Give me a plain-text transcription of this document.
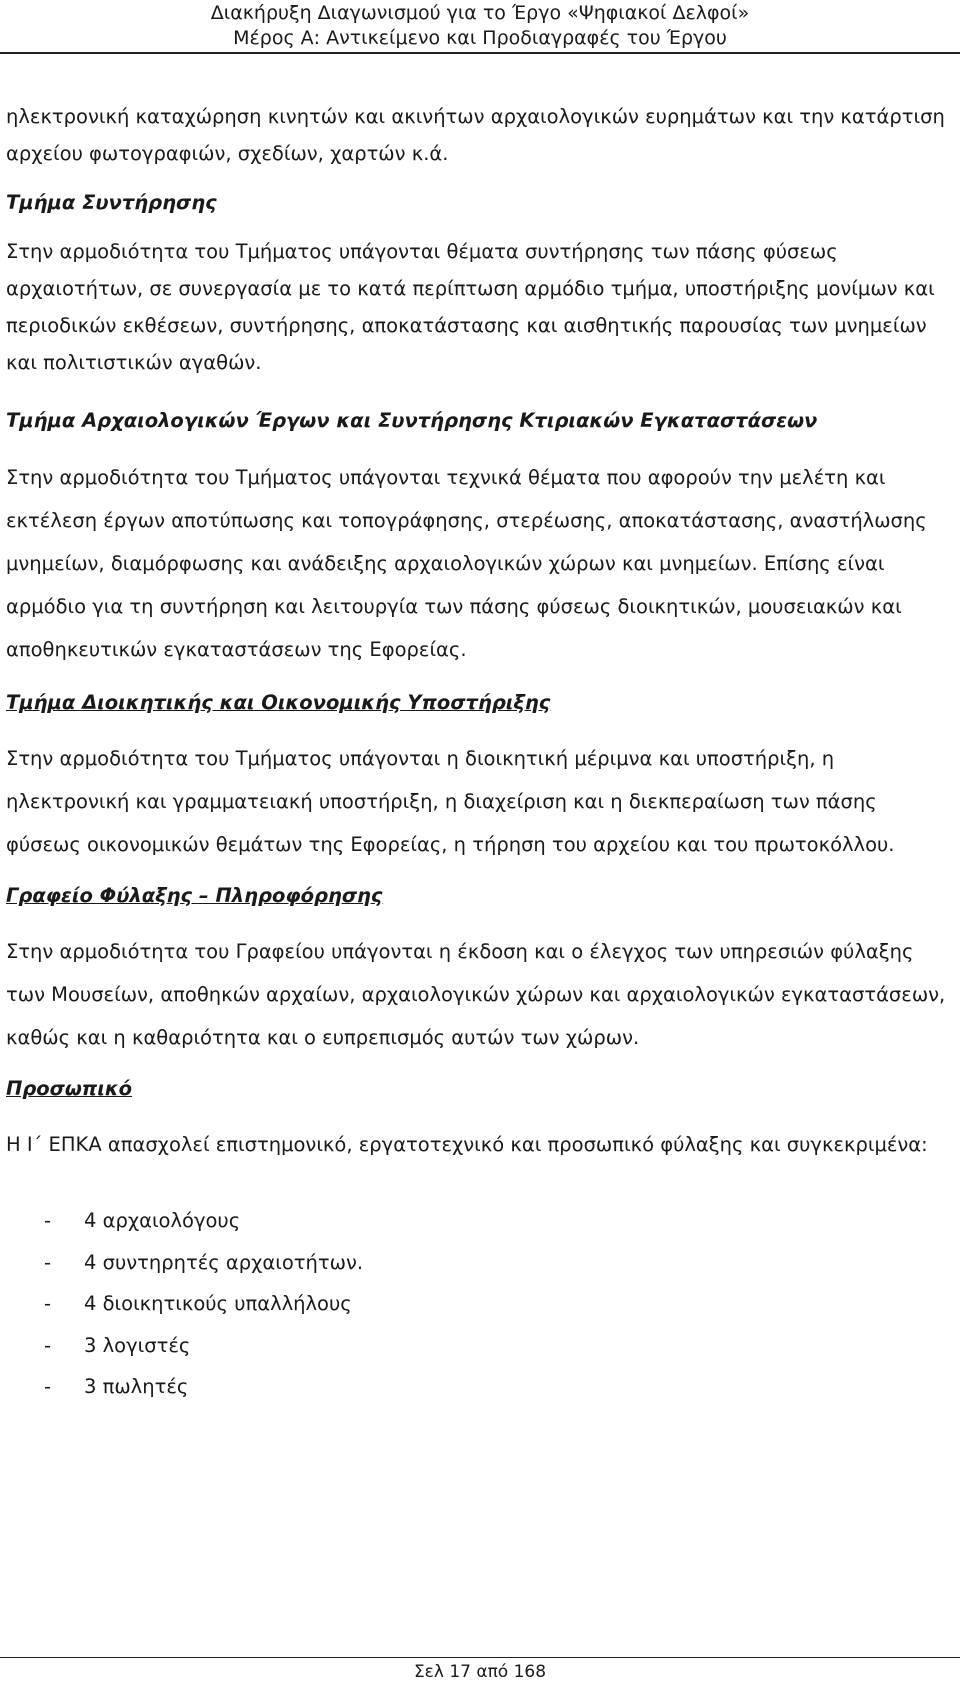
Διακήρυξη Διαγωνισμού για το Έργο «Ψηφιακοί Δελφοί»
Μέρος Α: Αντικείμενο και Προδιαγραφές του Έργου

ηλεκτρονική καταχώρηση κινητών και ακινήτων αρχαιολογικών ευρημάτων και την κατάρτιση αρχείου φωτογραφιών, σχεδίων, χαρτών κ.ά.

Τμήμα Συντήρησης

Στην αρμοδιότητα του Τμήματος υπάγονται θέματα συντήρησης των πάσης φύσεως αρχαιοτήτων, σε συνεργασία με το κατά περίπτωση αρμόδιο τμήμα, υποστήριξης μονίμων και περιοδικών εκθέσεων, συντήρησης, αποκατάστασης και αισθητικής παρουσίας των μνημείων και πολιτιστικών αγαθών.

Τμήμα Αρχαιολογικών Έργων και Συντήρησης Κτιριακών Εγκαταστάσεων

Στην αρμοδιότητα του Τμήματος υπάγονται τεχνικά θέματα που αφορούν την μελέτη και εκτέλεση έργων αποτύπωσης και τοπογράφησης, στερέωσης, αποκατάστασης, αναστήλωσης μνημείων, διαμόρφωσης και ανάδειξης αρχαιολογικών χώρων και μνημείων. Επίσης είναι αρμόδιο για τη συντήρηση και λειτουργία των πάσης φύσεως διοικητικών, μουσειακών και αποθηκευτικών εγκαταστάσεων της Εφορείας.

Τμήμα Διοικητικής και Οικονομικής Υποστήριξης

Στην αρμοδιότητα του Τμήματος υπάγονται η διοικητική μέριμνα και υποστήριξη, η ηλεκτρονική και γραμματειακή υποστήριξη, η διαχείριση και η διεκπεραίωση των πάσης φύσεως οικονομικών θεμάτων της Εφορείας, η τήρηση του αρχείου και του πρωτοκόλλου.

Γραφείο Φύλαξης – Πληροφόρησης

Στην αρμοδιότητα του Γραφείου υπάγονται η έκδοση και ο έλεγχος των υπηρεσιών φύλαξης των Μουσείων, αποθηκών αρχαίων, αρχαιολογικών χώρων και αρχαιολογικών εγκαταστάσεων, καθώς και η καθαριότητα και ο ευπρεπισμός αυτών των χώρων.

Προσωπικό

Η Ι΄ ΕΠΚΑ απασχολεί επιστημονικό, εργατοτεχνικό και προσωπικό φύλαξης και συγκεκριμένα:

-	4 αρχαιολόγους
-	4 συντηρητές αρχαιοτήτων.
-	4 διοικητικούς υπαλλήλους
-	3 λογιστές
-	3 πωλητές
Σελ 17 από 168
